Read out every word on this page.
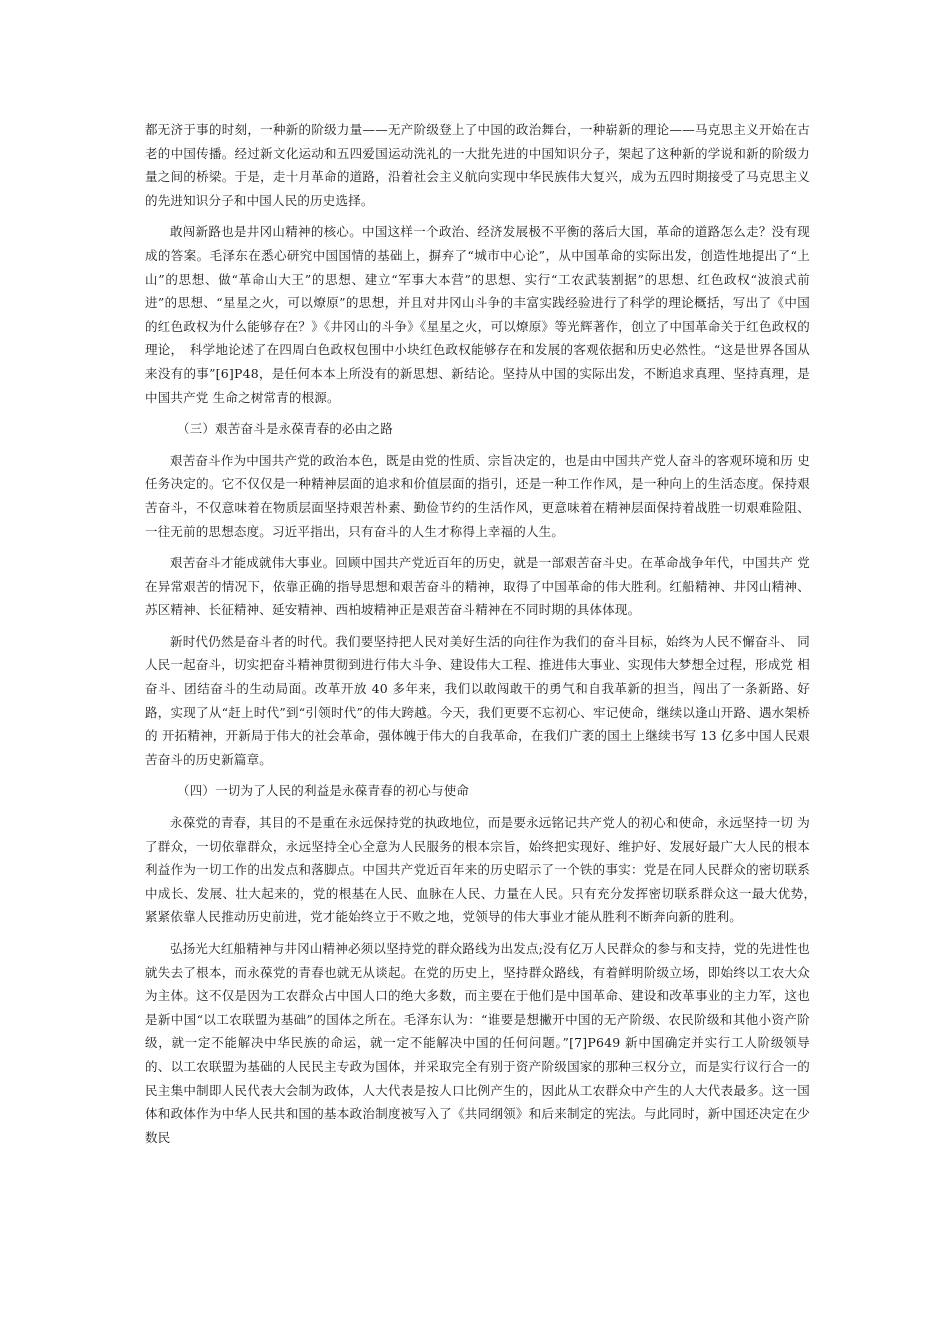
都无济于事的时刻，一种新的阶级力量——无产阶级登上了中国的政治舞台，一种崭新的理论——马克思主义开始在古老的中国传播。经过新文化运动和五四爱国运动洗礼的一大批先进的中国知识分子，架起了这种新的学说和新的阶级力量之间的桥梁。于是，走十月革命的道路，沿着社会主义航向实现中华民族伟大复兴，成为五四时期接受了马克思主义 的先进知识分子和中国人民的历史选择。

敢闯新路也是井冈山精神的核心。中国这样一个政治、经济发展极不平衡的落后大国，革命的道路怎么走？没有现成的答案。毛泽东在悉心研究中国国情的基础上，摒弃了“城市中心论”，从中国革命的实际出发，创造性地提出了“上山”的思想、做“革命山大王”的思想、建立“军事大本营”的思想、实行“工农武装割据”的思想、红色政权“波浪式前进”的思想、“星星之火，可以燎原”的思想，并且对井冈山斗争的丰富实践经验进行了科学的理论概括，写出了《中国的红色政权为什么能够存在？》《井冈山的斗争》《星星之火，可以燎原》等光辉著作，创立了中国革命关于红色政权的理论，　科学地论述了在四周白色政权包围中小块红色政权能够存在和发展的客观依据和历史必然性。“这是世界各国从来没有的事”[6]P48，是任何本本上所没有的新思想、新结论。坚持从中国的实际出发，不断追求真理、坚持真理，是中国共产党 生命之树常青的根源。

（三）艰苦奋斗是永葆青春的必由之路

艰苦奋斗作为中国共产党的政治本色，既是由党的性质、宗旨决定的，也是由中国共产党人奋斗的客观环境和历 史任务决定的。它不仅仅是一种精神层面的追求和价值层面的指引，还是一种工作作风，是一种向上的生活态度。保持艰苦奋斗，不仅意味着在物质层面坚持艰苦朴素、勤俭节约的生活作风，更意味着在精神层面保持着战胜一切艰难险阻、一往无前的思想态度。习近平指出，只有奋斗的人生才称得上幸福的人生。

艰苦奋斗才能成就伟大事业。回顾中国共产党近百年的历史，就是一部艰苦奋斗史。在革命战争年代，中国共产 党在异常艰苦的情况下，依靠正确的指导思想和艰苦奋斗的精神，取得了中国革命的伟大胜利。红船精神、井冈山精神、苏区精神、长征精神、延安精神、西柏坡精神正是艰苦奋斗精神在不同时期的具体体现。

新时代仍然是奋斗者的时代。我们要坚持把人民对美好生活的向往作为我们的奋斗目标，始终为人民不懈奋斗、 同人民一起奋斗，切实把奋斗精神贯彻到进行伟大斗争、建设伟大工程、推进伟大事业、实现伟大梦想全过程，形成党 相奋斗、团结奋斗的生动局面。改革开放 40 多年来，我们以敢闯敢干的勇气和自我革新的担当，闯出了一条新路、好 路，实现了从“赶上时代”到“引领时代”的伟大跨越。今天，我们更要不忘初心、牢记使命，继续以逢山开路、遇水架桥的 开拓精神，开新局于伟大的社会革命，强体魄于伟大的自我革命，在我们广袤的国土上继续书写 13 亿多中国人民艰苦奋斗的历史新篇章。

（四）一切为了人民的利益是永葆青春的初心与使命

永葆党的青春，其目的不是重在永远保持党的执政地位，而是要永远铭记共产党人的初心和使命，永远坚持一切 为了群众，一切依靠群众，永远坚持全心全意为人民服务的根本宗旨，始终把实现好、维护好、发展好最广大人民的根本利益作为一切工作的出发点和落脚点。中国共产党近百年来的历史昭示了一个铁的事实：党是在同人民群众的密切联系中成长、发展、壮大起来的，党的根基在人民、血脉在人民、力量在人民。只有充分发挥密切联系群众这一最大优势，　紧紧依靠人民推动历史前进，党才能始终立于不败之地，党领导的伟大事业才能从胜利不断奔向新的胜利。

弘扬光大红船精神与井冈山精神必须以坚持党的群众路线为出发点;没有亿万人民群众的参与和支持，党的先进性也就失去了根本，而永葆党的青春也就无从谈起。在党的历史上，坚持群众路线，有着鲜明阶级立场，即始终以工农大众为主体。这不仅是因为工农群众占中国人口的绝大多数，而主要在于他们是中国革命、建设和改革事业的主力军，这也是新中国“以工农联盟为基础”的国体之所在。毛泽东认为：“谁要是想撇开中国的无产阶级、农民阶级和其他小资产阶级，就一定不能解决中华民族的命运，就一定不能解决中国的任何问题。”[7]P649 新中国确定并实行工人阶级领导的、以工农联盟为基础的人民民主专政为国体，并采取完全有别于资产阶级国家的那种三权分立，而是实行议行合一的民主集中制即人民代表大会制为政体，人大代表是按人口比例产生的，因此从工农群众中产生的人大代表最多。这一国体和政体作为中华人民共和国的基本政治制度被写入了《共同纲领》和后来制定的宪法。与此同时，新中国还决定在少数民
